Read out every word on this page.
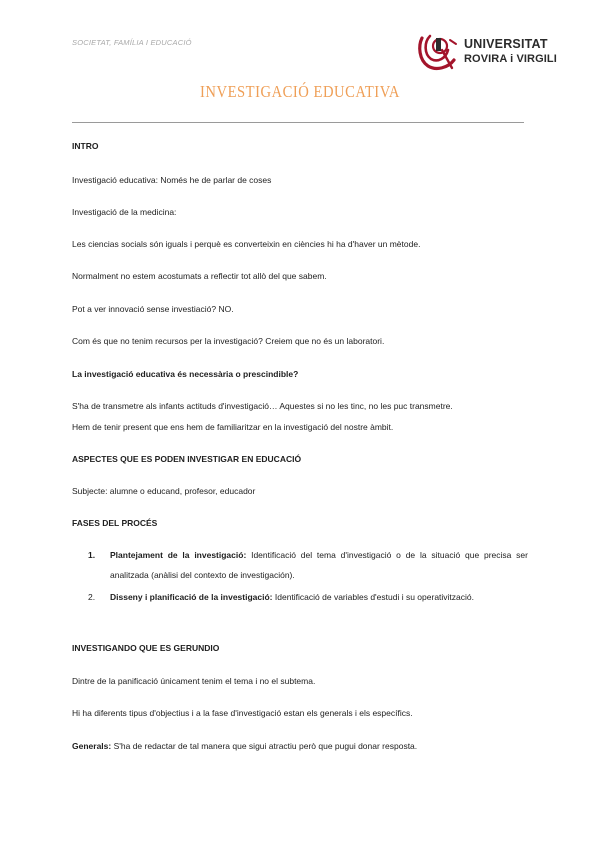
SOCIETAT, FAMÍLIA I EDUCACIÓ	UNIVERSITAT
ROVIRA i VIRGILI
INVESTIGACIÓ EDUCATIVA

INTRO

Investigació educativa: Només he de parlar de coses

Investigació de la medicina:

Les ciencias socials són iguals i perquè es converteixin en ciències hi ha d'haver un mètode.

Normalment no estem acostumats a reflectir tot allò del que sabem.

Pot a ver innovació sense investiació? NO.

Com és que no tenim recursos per la investigació? Creiem que no és un laboratori.

La investigació educativa és necessària o prescindible?

S'ha de transmetre als infants actituds d'investigació… Aquestes si no les tinc, no les puc transmetre.

Hem de tenir present que ens hem de familiaritzar en la investigació del nostre àmbit.

ASPECTES QUE ES PODEN INVESTIGAR EN EDUCACIÓ

Subjecte: alumne o educand, profesor, educador

FASES DEL PROCÉS

1. Plantejament de la investigació: Identificació del tema d'investigació o de la situació que precisa ser analitzada (anàlisi del contexto de investigación).
2. Disseny i planificació de la investigació: Identificació de variables d'estudi i su operativització.

INVESTIGANDO QUE ES GERUNDIO

Dintre de la panificació únicament tenim el tema i no el subtema.

Hi ha diferents tipus d'objectius i a la fase d'investigació estan els generals i els específics.

Generals: S'ha de redactar de tal manera que sigui atractiu però que pugui donar resposta.
